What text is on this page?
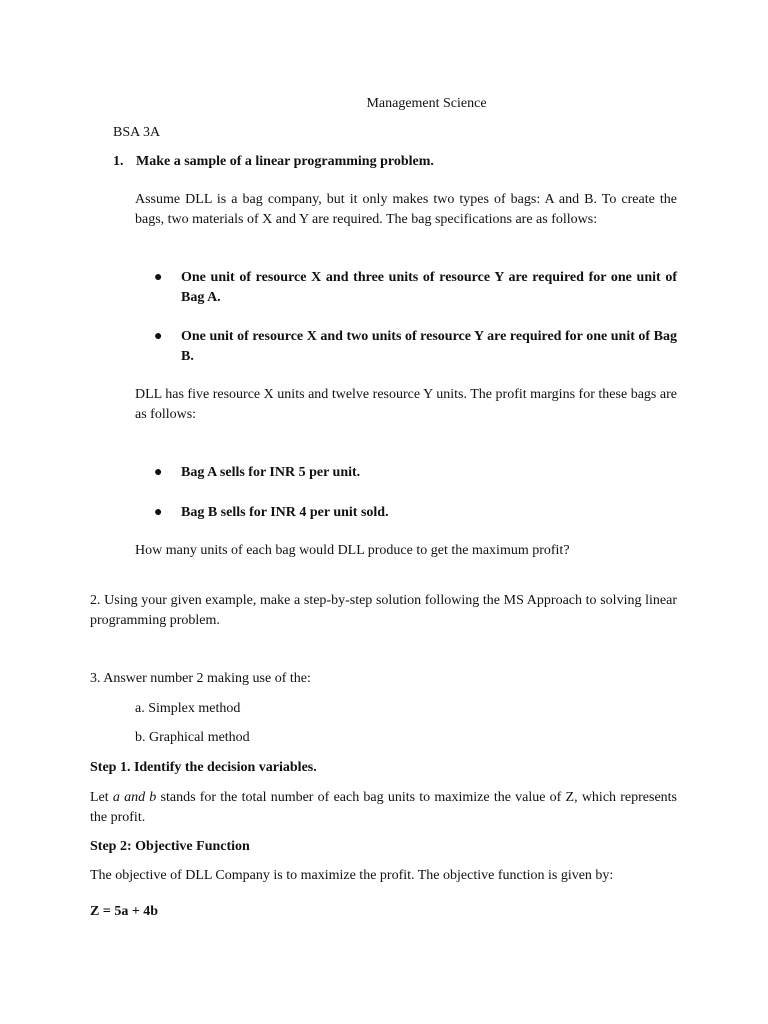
Management Science

BSA 3A

1. Make a sample of a linear programming problem.

Assume DLL is a bag company, but it only makes two types of bags: A and B. To create the bags, two materials of X and Y are required. The bag specifications are as follows:

● One unit of resource X and three units of resource Y are required for one unit of Bag A.
● One unit of resource X and two units of resource Y are required for one unit of Bag B.

DLL has five resource X units and twelve resource Y units. The profit margins for these bags are as follows:

● Bag A sells for INR 5 per unit.
● Bag B sells for INR 4 per unit sold.

How many units of each bag would DLL produce to get the maximum profit?

2. Using your given example, make a step-by-step solution following the MS Approach to solving linear programming problem.

3. Answer number 2 making use of the:

a. Simplex method

b. Graphical method

Step 1. Identify the decision variables.

Let a and b stands for the total number of each bag units to maximize the value of Z, which represents the profit.

Step 2: Objective Function

The objective of DLL Company is to maximize the profit. The objective function is given by:

Z = 5a + 4b
